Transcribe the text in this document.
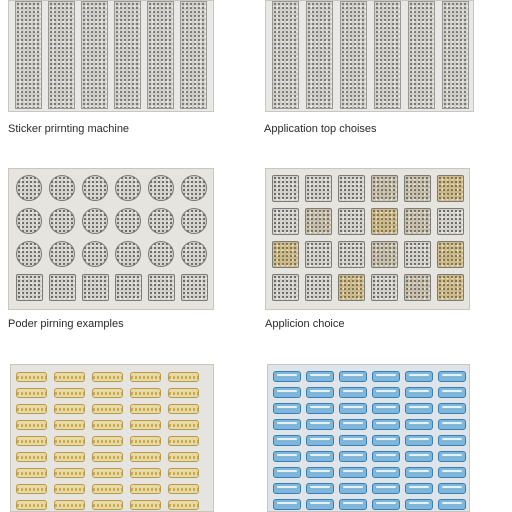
Sticker prirnting machine	Application top choises
Poder pirning examples	Applicion choice
